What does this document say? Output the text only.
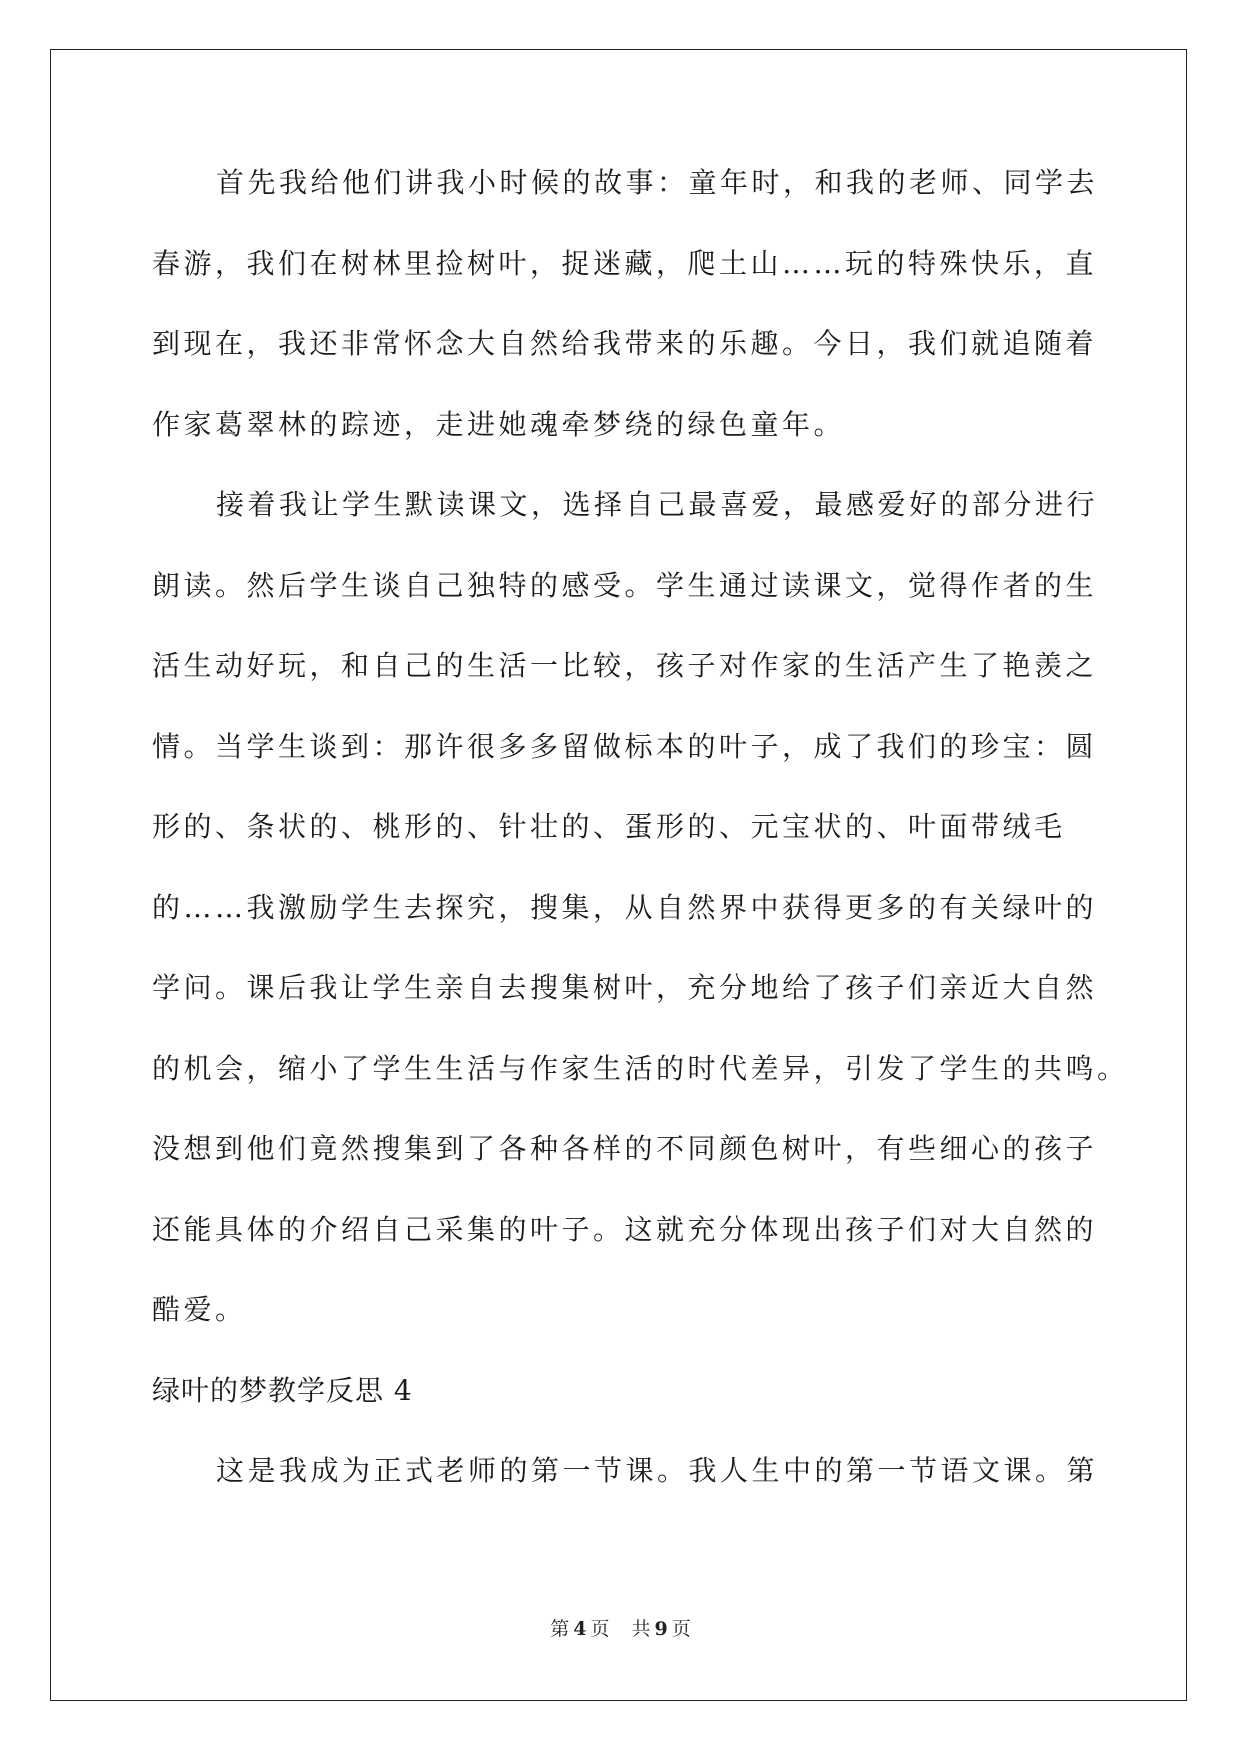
首先我给他们讲我小时候的故事：童年时，和我的老师、同学去
春游，我们在树林里捡树叶，捉迷藏，爬土山……玩的特殊快乐，直
到现在，我还非常怀念大自然给我带来的乐趣。今日，我们就追随着
作家葛翠林的踪迹，走进她魂牵梦绕的绿色童年。
接着我让学生默读课文，选择自己最喜爱，最感爱好的部分进行
朗读。然后学生谈自己独特的感受。学生通过读课文，觉得作者的生
活生动好玩，和自己的生活一比较，孩子对作家的生活产生了艳羡之
情。当学生谈到：那许很多多留做标本的叶子，成了我们的珍宝：圆
形的、条状的、桃形的、针壮的、蛋形的、元宝状的、叶面带绒毛
的……我激励学生去探究，搜集，从自然界中获得更多的有关绿叶的
学问。课后我让学生亲自去搜集树叶，充分地给了孩子们亲近大自然
的机会，缩小了学生生活与作家生活的时代差异，引发了学生的共鸣。
没想到他们竟然搜集到了各种各样的不同颜色树叶，有些细心的孩子
还能具体的介绍自己采集的叶子。这就充分体现出孩子们对大自然的
酷爱。
绿叶的梦教学反思 4
这是我成为正式老师的第一节课。我人生中的第一节语文课。第
第 4 页 共 9 页
